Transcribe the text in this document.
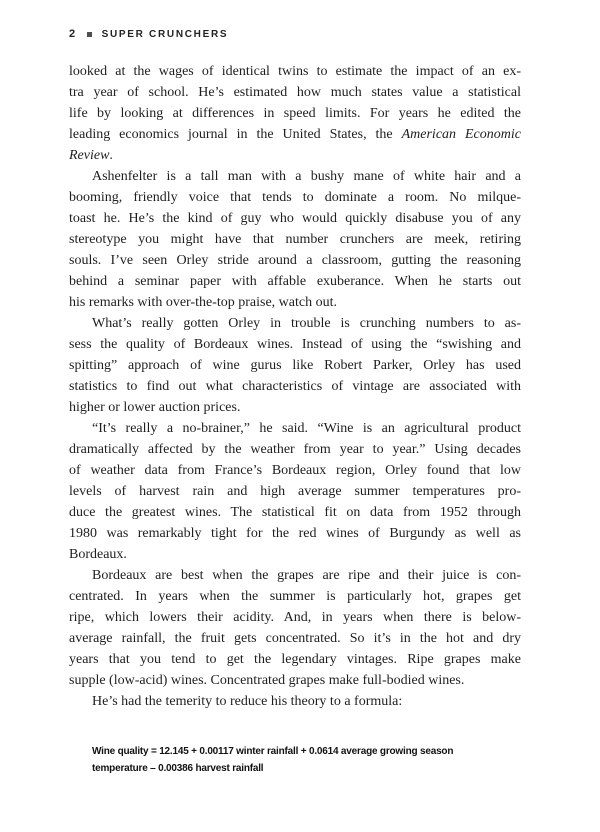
2	SUPER CRUNCHERS
looked at the wages of identical twins to estimate the impact of an ex-
tra year of school. He’s estimated how much states value a statistical
life by looking at differences in speed limits. For years he edited the
leading economics journal in the United States, the American Economic
Review.
Ashenfelter is a tall man with a bushy mane of white hair and a
booming, friendly voice that tends to dominate a room. No milque-
toast he. He’s the kind of guy who would quickly disabuse you of any
stereotype you might have that number crunchers are meek, retiring
souls. I’ve seen Orley stride around a classroom, gutting the reasoning
behind a seminar paper with affable exuberance. When he starts out
his remarks with over-the-top praise, watch out.
What’s really gotten Orley in trouble is crunching numbers to as-
sess the quality of Bordeaux wines. Instead of using the “swishing and
spitting” approach of wine gurus like Robert Parker, Orley has used
statistics to find out what characteristics of vintage are associated with
higher or lower auction prices.
“It’s really a no-brainer,” he said. “Wine is an agricultural product
dramatically affected by the weather from year to year.” Using decades
of weather data from France’s Bordeaux region, Orley found that low
levels of harvest rain and high average summer temperatures pro-
duce the greatest wines. The statistical fit on data from 1952 through
1980 was remarkably tight for the red wines of Burgundy as well as
Bordeaux.
Bordeaux are best when the grapes are ripe and their juice is con-
centrated. In years when the summer is particularly hot, grapes get
ripe, which lowers their acidity. And, in years when there is below-
average rainfall, the fruit gets concentrated. So it’s in the hot and dry
years that you tend to get the legendary vintages. Ripe grapes make
supple (low-acid) wines. Concentrated grapes make full-bodied wines.
He’s had the temerity to reduce his theory to a formula:
Wine quality = 12.145 + 0.00117 winter rainfall + 0.0614 average growing season
temperature – 0.00386 harvest rainfall
